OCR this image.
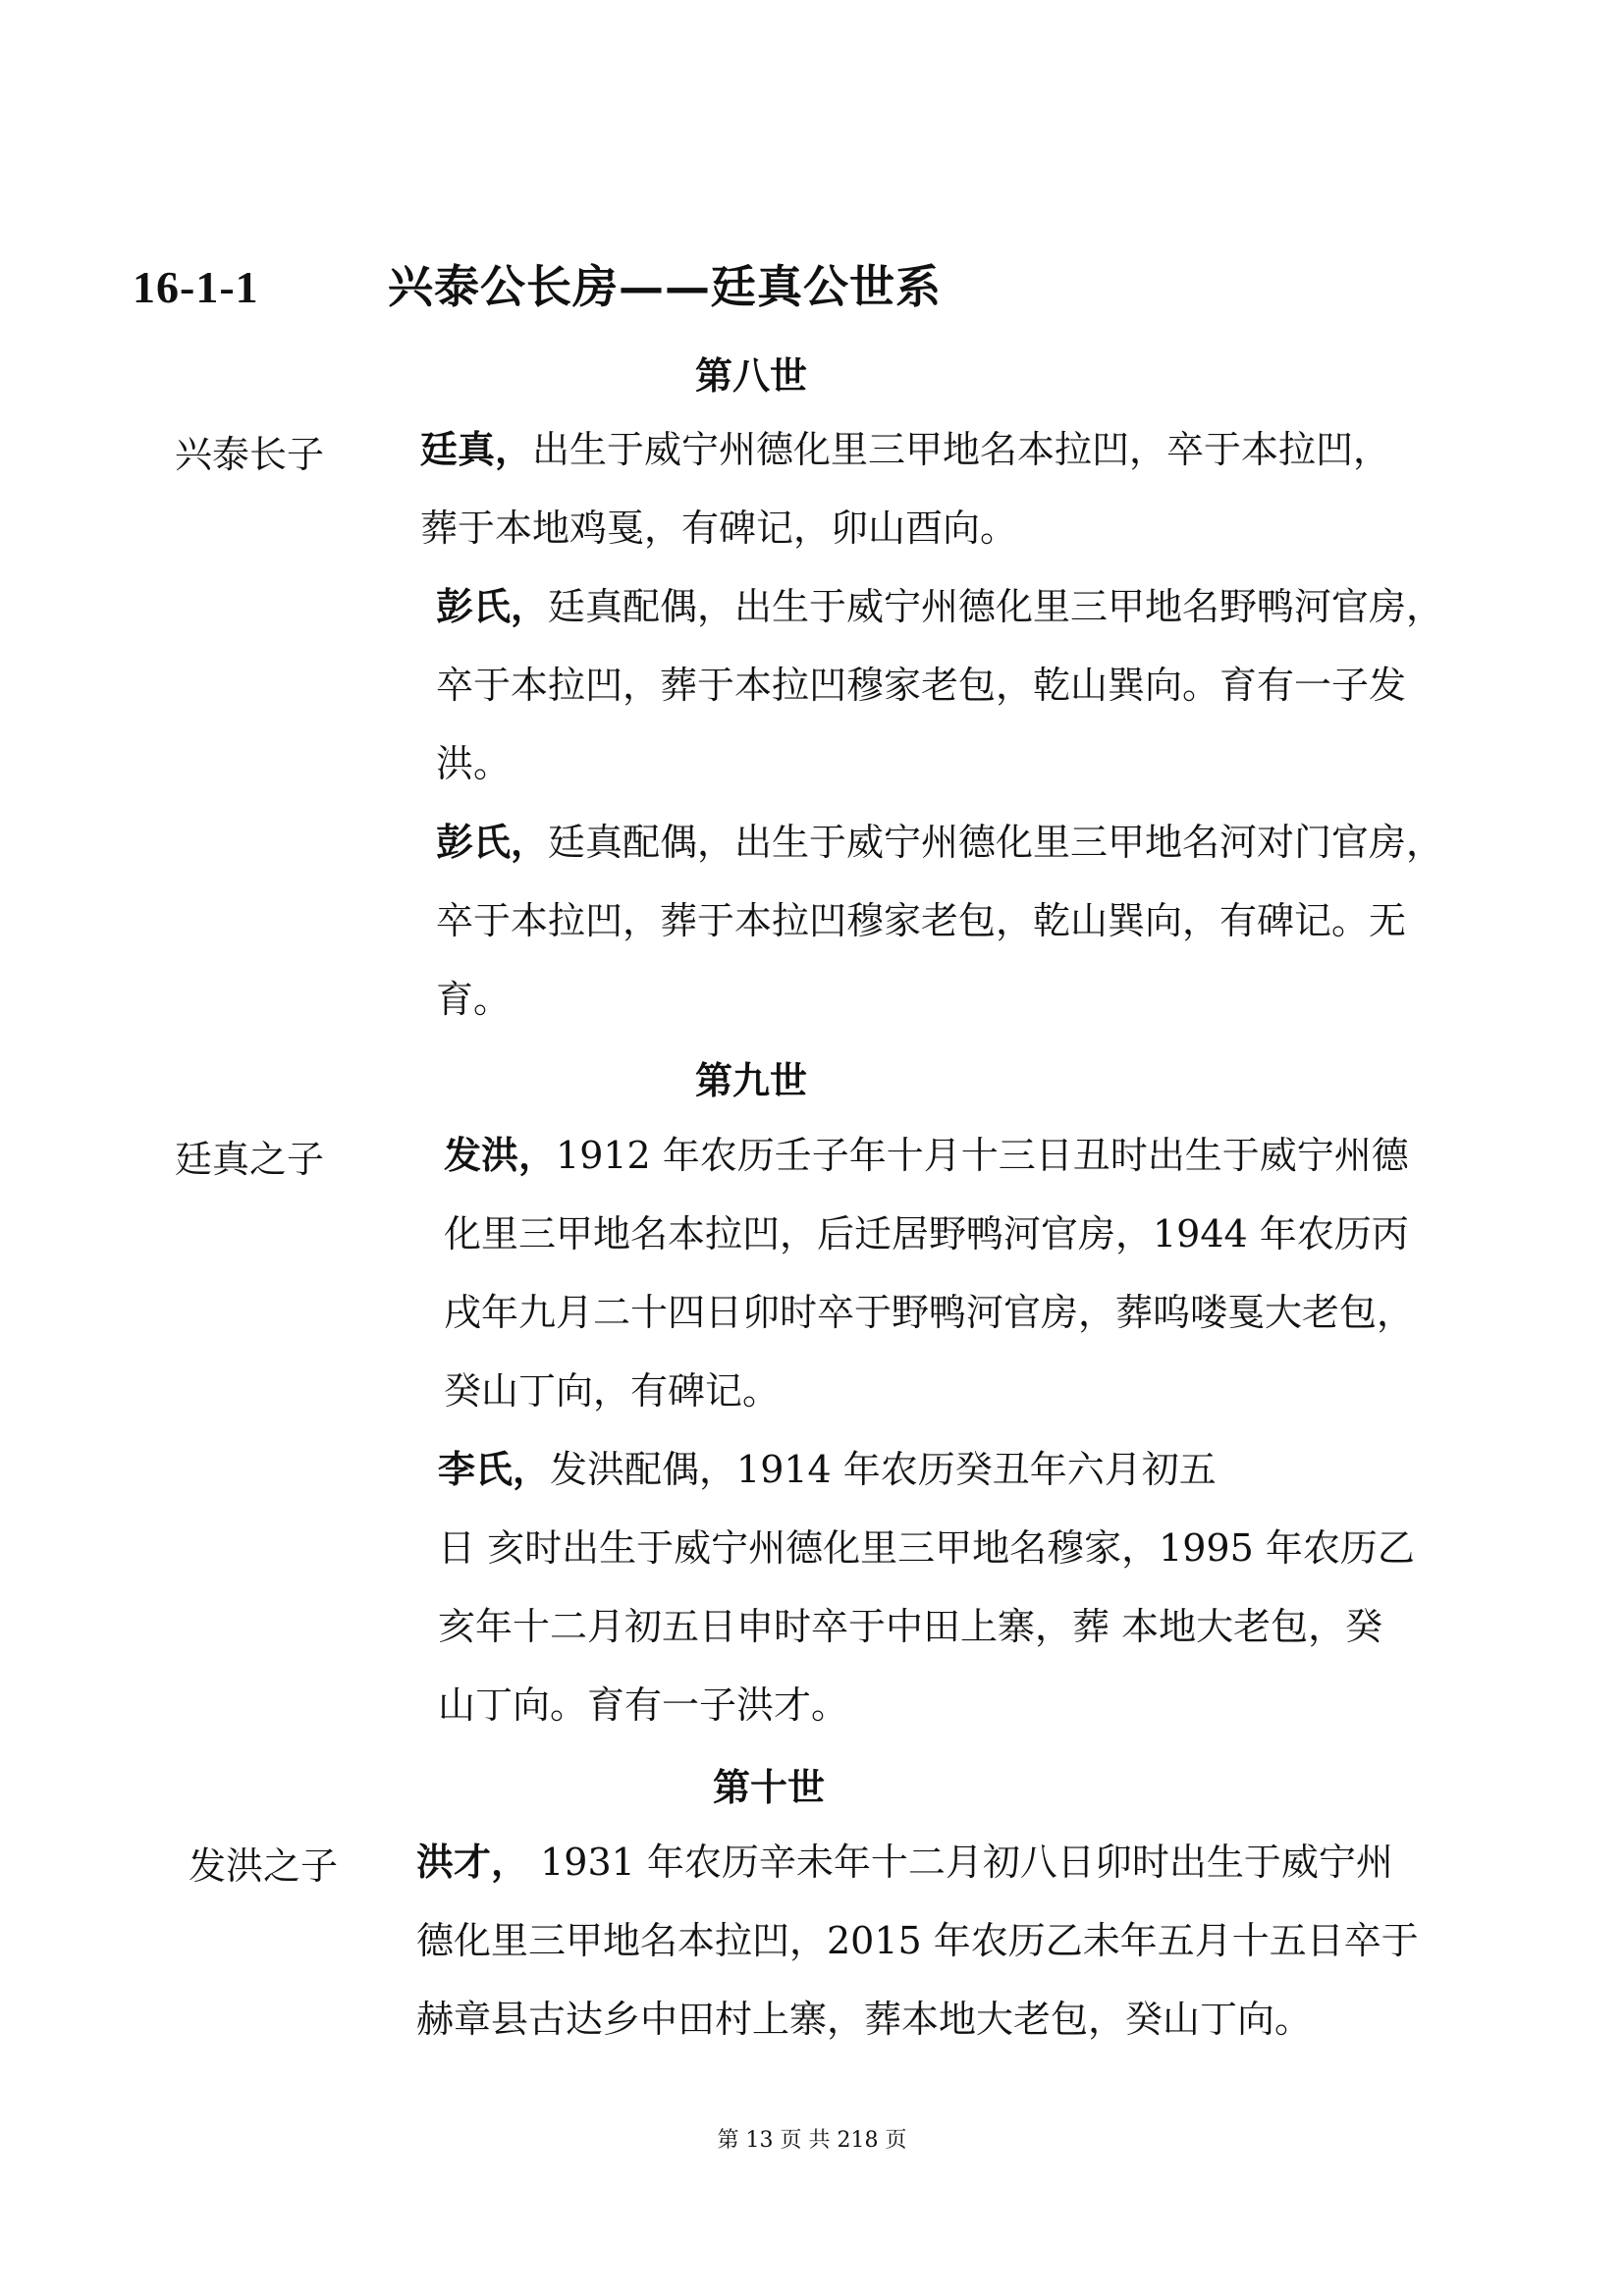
16-1-1	兴泰公长房——廷真公世系
第八世
兴泰长子	廷真，出生于威宁州德化里三甲地名本拉凹，卒于本拉凹，
葬于本地鸡戛，有碑记，卯山酉向。
彭氏，廷真配偶，出生于威宁州德化里三甲地名野鸭河官房，
卒于本拉凹，葬于本拉凹穆家老包，乾山巽向。育有一子发
洪。
彭氏，廷真配偶，出生于威宁州德化里三甲地名河对门官房，
卒于本拉凹，葬于本拉凹穆家老包，乾山巽向，有碑记。无
育。
第九世
廷真之子	发洪，1912 年农历壬子年十月十三日丑时出生于威宁州德
化里三甲地名本拉凹，后迁居野鸭河官房，1944 年农历丙
戌年九月二十四日卯时卒于野鸭河官房，葬呜喽戛大老包，
癸山丁向，有碑记。
李氏，发洪配偶，1914 年农历癸丑年六月初五
日 亥时出生于威宁州德化里三甲地名穆家，1995 年农历乙
亥年十二月初五日申时卒于中田上寨，葬 本地大老包，癸
山丁向。育有一子洪才。
第十世
发洪之子 洪才， 1931 年农历辛未年十二月初八日卯时出生于威宁州
德化里三甲地名本拉凹，2015 年农历乙未年五月十五日卒于
赫章县古达乡中田村上寨，葬本地大老包，癸山丁向。
第 13 页 共 218 页
